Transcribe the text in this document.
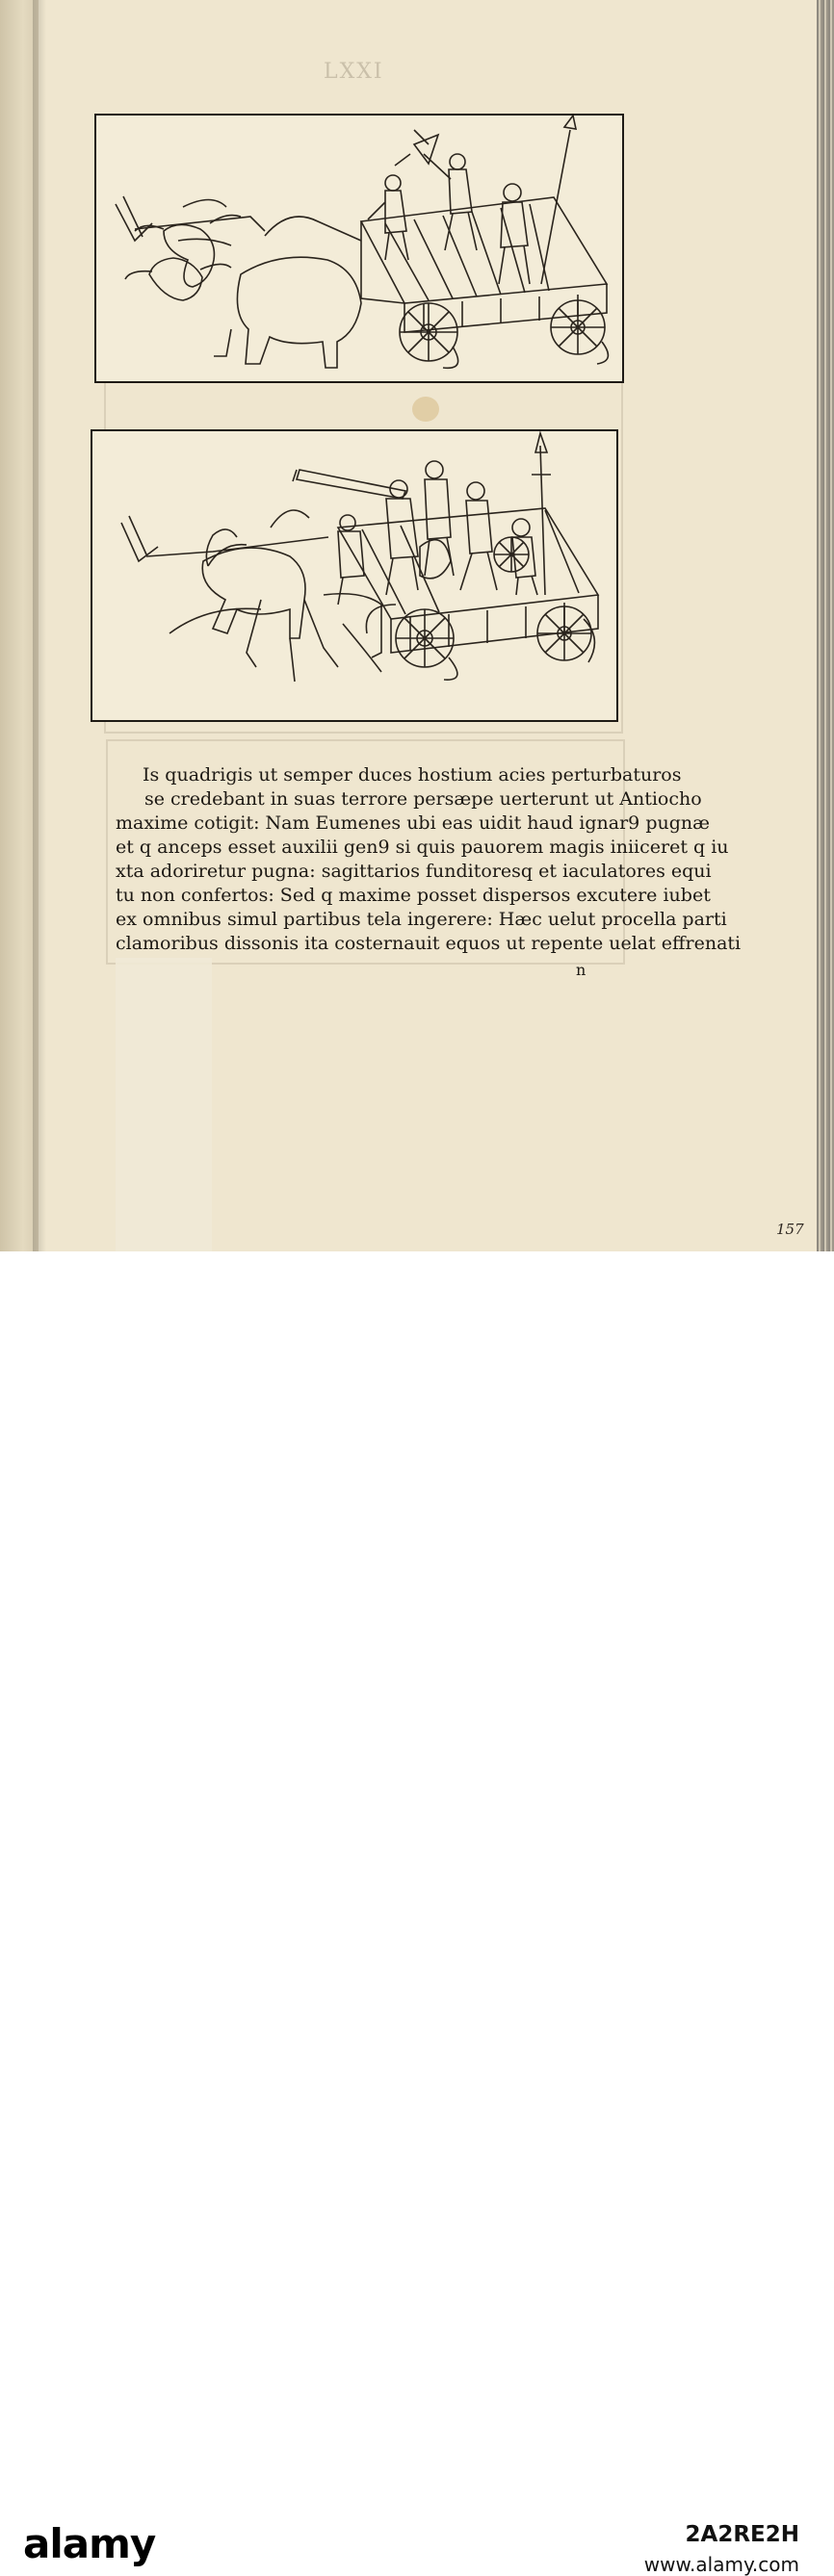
LXXI
Is quadrigis ut semper duces hostium acies perturbaturos
se credebant in suas terrore persæpe uerterunt ut Antiocho
maxime cotigit: Nam Eumenes ubi eas uidit haud ignar9 pugnæ
et q anceps esset auxilii gen9 si quis pauorem magis iniiceret q iu
xta adoriretur pugna: sagittarios funditoresq et iaculatores equi
tu non confertos: Sed q maxime posset dispersos excutere iubet
ex omnibus simul partibus tela ingerere: Hæc uelut procella parti
clamoribus dissonis ita costernauit equos ut repente uelat effrenati
n
157
alamy	2A2RE2H
www.alamy.com
